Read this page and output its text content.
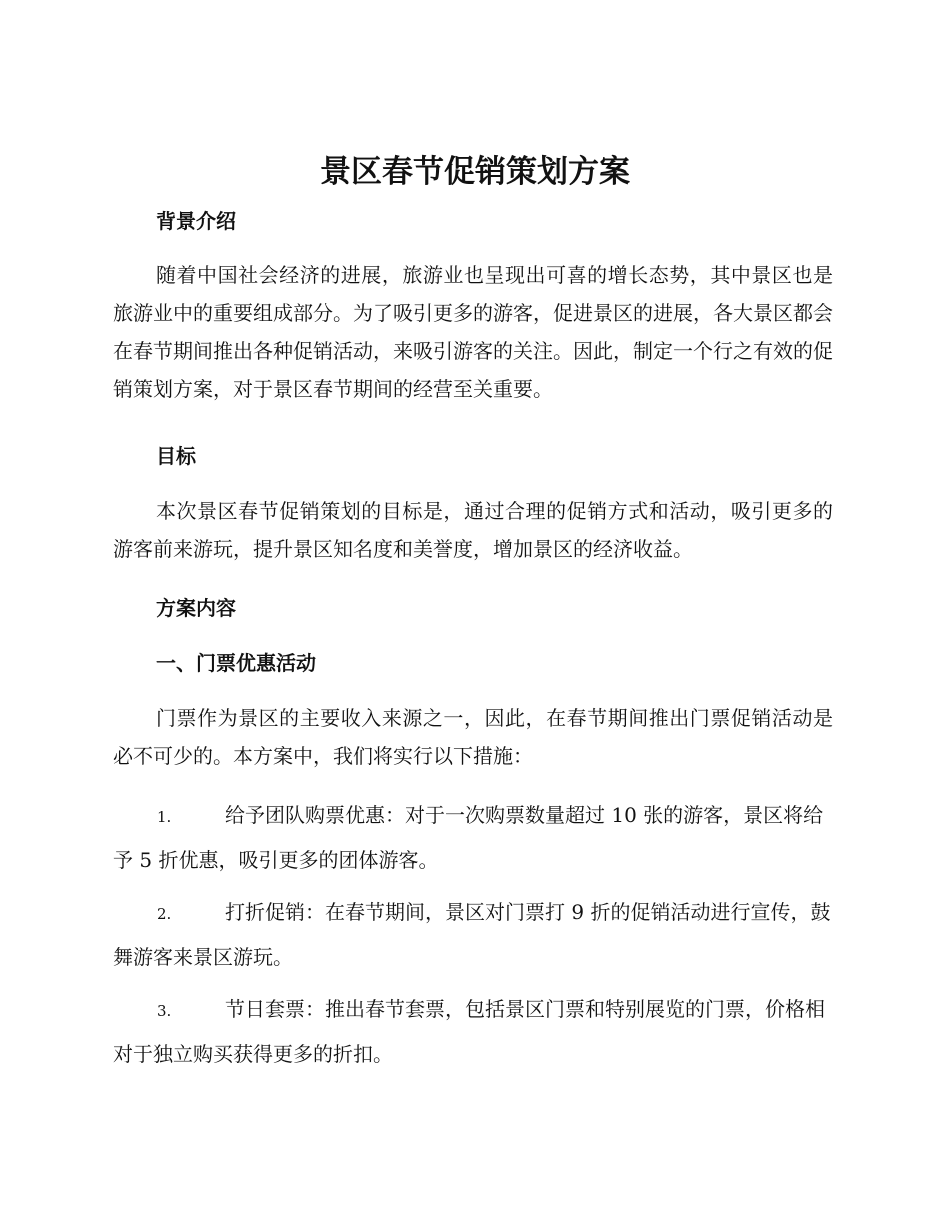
景区春节促销策划方案
背景介绍

随着中国社会经济的进展，旅游业也呈现出可喜的增长态势，其中景区也是旅游业中的重要组成部分。为了吸引更多的游客，促进景区的进展，各大景区都会在春节期间推出各种促销活动，来吸引游客的关注。因此，制定一个行之有效的促销策划方案，对于景区春节期间的经营至关重要。

目标

本次景区春节促销策划的目标是，通过合理的促销方式和活动，吸引更多的游客前来游玩，提升景区知名度和美誉度，增加景区的经济收益。

方案内容
一、门票优惠活动

门票作为景区的主要收入来源之一，因此，在春节期间推出门票促销活动是必不可少的。本方案中，我们将实行以下措施：

1.	给予团队购票优惠：对于一次购票数量超过 10 张的游客，景区将给予 5 折优惠，吸引更多的团体游客。

2.	打折促销：在春节期间，景区对门票打 9 折的促销活动进行宣传，鼓舞游客来景区游玩。

3.	节日套票：推出春节套票，包括景区门票和特别展览的门票，价格相对于独立购买获得更多的折扣。
